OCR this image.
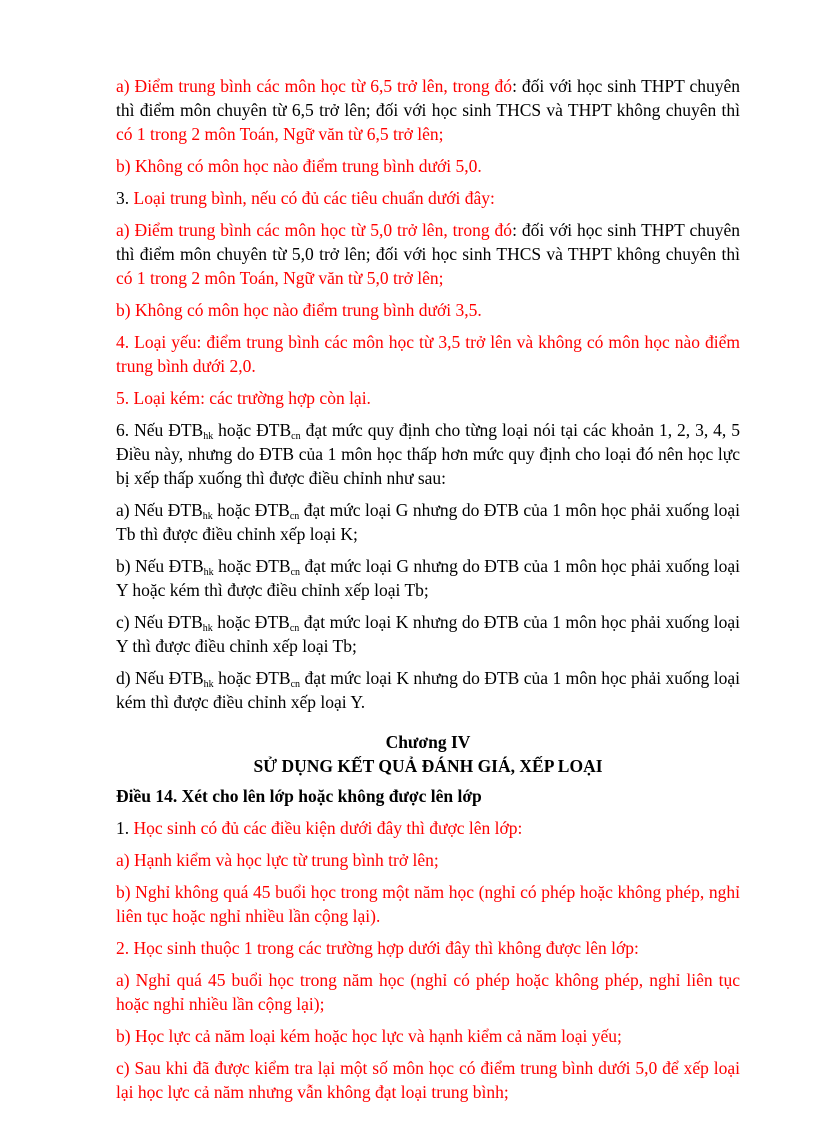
a) Điểm trung bình các môn học từ 6,5 trở lên, trong đó: đối với học sinh THPT chuyên thì điểm môn chuyên từ 6,5 trở lên; đối với học sinh THCS và THPT không chuyên thì có 1 trong 2 môn Toán, Ngữ văn từ 6,5 trở lên;

b) Không có môn học nào điểm trung bình dưới 5,0.

3. Loại trung bình, nếu có đủ các tiêu chuẩn dưới đây:

a) Điểm trung bình các môn học từ 5,0 trở lên, trong đó: đối với học sinh THPT chuyên thì điểm môn chuyên từ 5,0 trở lên; đối với học sinh THCS và THPT không chuyên thì có 1 trong 2 môn Toán, Ngữ văn từ 5,0 trở lên;

b) Không có môn học nào điểm trung bình dưới 3,5.

4. Loại yếu: điểm trung bình các môn học từ 3,5 trở lên và không có môn học nào điểm trung bình dưới 2,0.

5. Loại kém: các trường hợp còn lại.

6. Nếu $ĐTB_{hk}$ hoặc $ĐTB_{cn}$ đạt mức quy định cho từng loại nói tại các khoản 1, 2, 3, 4, 5 Điều này, nhưng do ĐTB của 1 môn học thấp hơn mức quy định cho loại đó nên học lực bị xếp thấp xuống thì được điều chỉnh như sau:

a) Nếu $ĐTB_{hk}$ hoặc $ĐTB_{cn}$ đạt mức loại G nhưng do ĐTB của 1 môn học phải xuống loại Tb thì được điều chỉnh xếp loại K;

b) Nếu $ĐTB_{hk}$ hoặc $ĐTB_{cn}$ đạt mức loại G nhưng do ĐTB của 1 môn học phải xuống loại Y hoặc kém thì được điều chỉnh xếp loại Tb;

c) Nếu $ĐTB_{hk}$ hoặc $ĐTB_{cn}$ đạt mức loại K nhưng do ĐTB của 1 môn học phải xuống loại Y thì được điều chỉnh xếp loại Tb;

d) Nếu $ĐTB_{hk}$ hoặc $ĐTB_{cn}$ đạt mức loại K nhưng do ĐTB của 1 môn học phải xuống loại kém thì được điều chỉnh xếp loại Y.

Chương IV

SỬ DỤNG KẾT QUẢ ĐÁNH GIÁ, XẾP LOẠI

Điều 14. Xét cho lên lớp hoặc không được lên lớp

1. Học sinh có đủ các điều kiện dưới đây thì được lên lớp:

a) Hạnh kiểm và học lực từ trung bình trở lên;

b) Nghỉ không quá 45 buổi học trong một năm học (nghỉ có phép hoặc không phép, nghỉ liên tục hoặc nghỉ nhiều lần cộng lại).

2. Học sinh thuộc 1 trong các trường hợp dưới đây thì không được lên lớp:

a) Nghỉ quá 45 buổi học trong năm học (nghỉ có phép hoặc không phép, nghỉ liên tục hoặc nghỉ nhiều lần cộng lại);

b) Học lực cả năm loại kém hoặc học lực và hạnh kiểm cả năm loại yếu;

c) Sau khi đã được kiểm tra lại một số môn học có điểm trung bình dưới 5,0 để xếp loại lại học lực cả năm nhưng vẫn không đạt loại trung bình;
